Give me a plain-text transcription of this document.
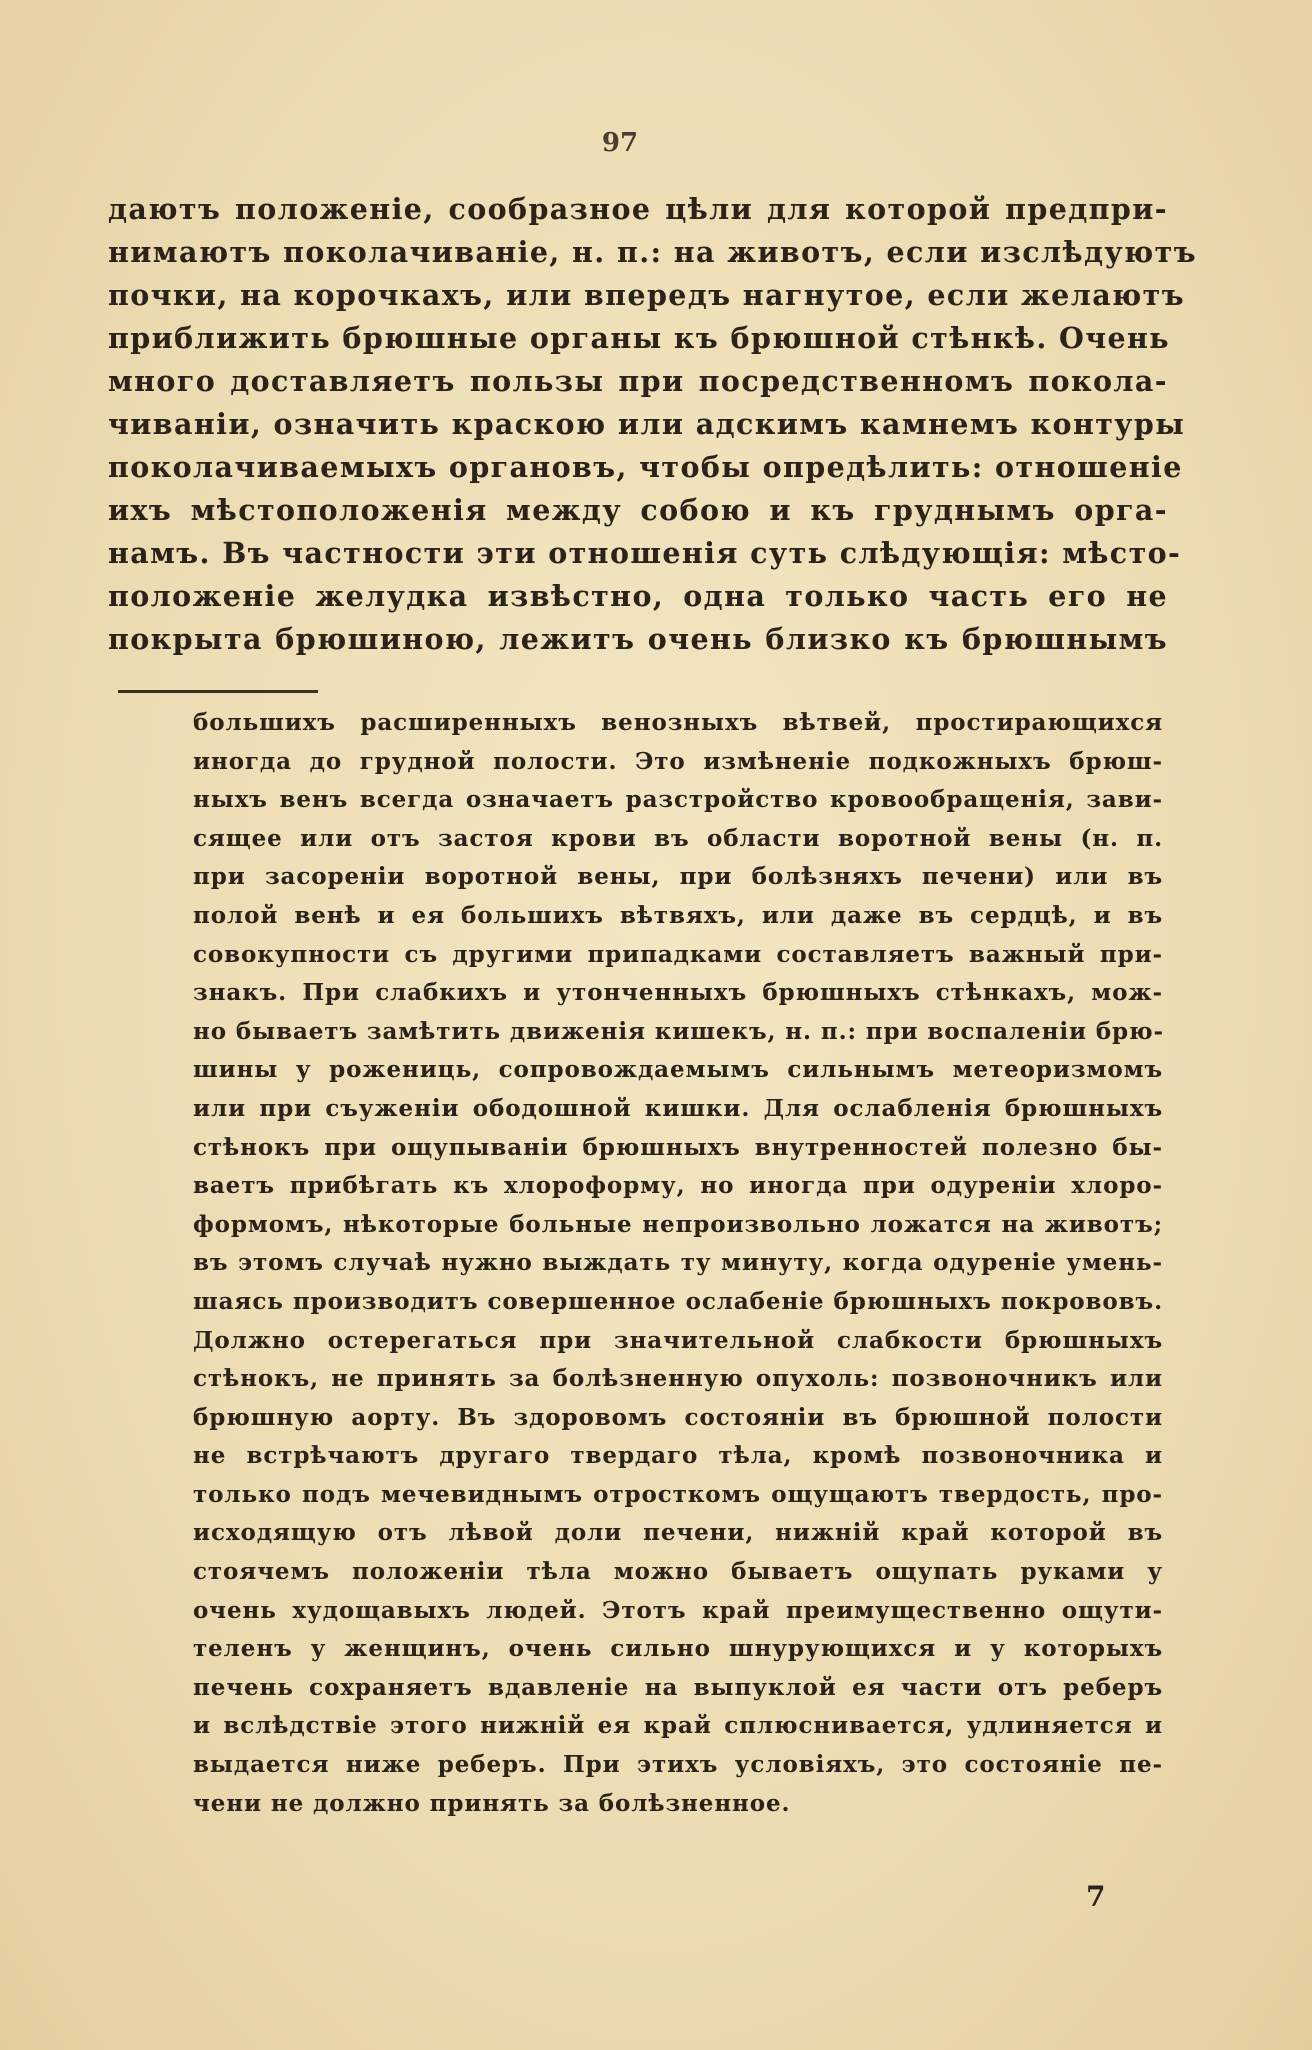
97
даютъ положенiе, сообразное цѣли для которой предпри-
нимаютъ поколачиванiе, н. п.: на животъ, если изслѣдуютъ
почки, на корочкахъ, или впередъ нагнутое, если желаютъ
приближить брюшные органы къ брюшной стѣнкѣ. Очень
много доставляетъ пользы при посредственномъ покола-
чиванiи, означить краскою или адскимъ камнемъ контуры
поколачиваемыхъ органовъ, чтобы опредѣлить: отношенiе
ихъ мѣстоположенiя между собою и къ груднымъ орга-
намъ. Въ частности эти отношенiя суть слѣдующiя: мѣсто-
положенiе желудка извѣстно, одна только часть его не
покрыта брюшиною, лежитъ очень близко къ брюшнымъ
большихъ расширенныхъ венозныхъ вѣтвей, простирающихся
иногда до грудной полости. Это измѣненiе подкожныхъ брюш-
ныхъ венъ всегда означаетъ разстройство кровообращенiя, зави-
сящее или отъ застоя крови въ области воротной вены (н. п.
при засоренiи воротной вены, при болѣзняхъ печени) или въ
полой венѣ и ея большихъ вѣтвяхъ, или даже въ сердцѣ, и въ
совокупности съ другими припадками составляетъ важный при-
знакъ. При слабкихъ и утонченныхъ брюшныхъ стѣнкахъ, мож-
но бываетъ замѣтить движенiя кишекъ, н. п.: при воспаленiи брю-
шины у рожениць, сопровождаемымъ сильнымъ метеоризмомъ
или при съуженiи ободошной кишки. Для ослабленiя брюшныхъ
стѣнокъ при ощупыванiи брюшныхъ внутренностей полезно бы-
ваетъ прибѣгать къ хлороформу, но иногда при одуренiи хлоро-
формомъ, нѣкоторые больные непроизвольно ложатся на животъ;
въ этомъ случаѣ нужно выждать ту минуту, когда одуренiе умень-
шаясь производитъ совершенное ослабенiе брюшныхъ покрововъ.
Должно остерегаться при значительной слабкости брюшныхъ
стѣнокъ, не принять за болѣзненную опухоль: позвоночникъ или
брюшную аорту. Въ здоровомъ состоянiи въ брюшной полости
не встрѣчаютъ другаго твердаго тѣла, кромѣ позвоночника и
только подъ мечевиднымъ отросткомъ ощущаютъ твердость, про-
исходящую отъ лѣвой доли печени, нижнiй край которой въ
стоячемъ положенiи тѣла можно бываетъ ощупать руками у
очень худощавыхъ людей. Этотъ край преимущественно ощути-
теленъ у женщинъ, очень сильно шнурующихся и у которыхъ
печень сохраняетъ вдавленiе на выпуклой ея части отъ реберъ
и вслѣдствiе этого нижнiй ея край сплюснивается, удлиняется и
выдается ниже реберъ. При этихъ условiяхъ, это состоянiе пе-
чени не должно принять за болѣзненное.
7
